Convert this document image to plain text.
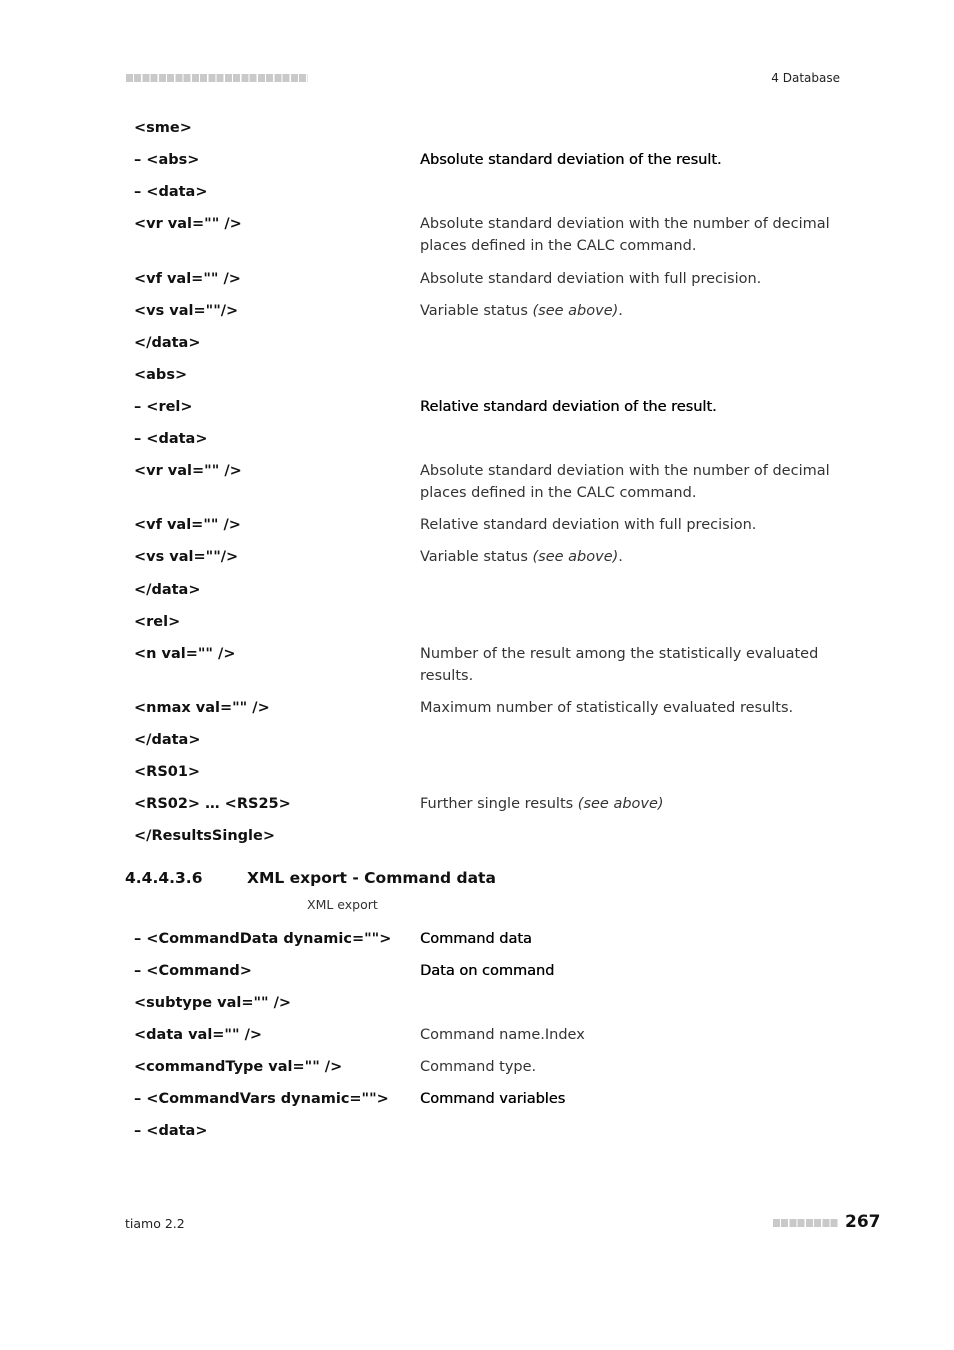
4 Database
<sme>
– <abs>	Absolute standard deviation of the result.
– <data>
<vr val="" />	Absolute standard deviation with the number of decimal places defined in the CALC command.
<vf val="" />	Absolute standard deviation with full precision.
<vs val=""/>	Variable status (see above).
</data>
<abs>
– <rel>	Relative standard deviation of the result.
– <data>
<vr val="" />	Absolute standard deviation with the number of decimal places defined in the CALC command.
<vf val="" />	Relative standard deviation with full precision.
<vs val=""/>	Variable status (see above).
</data>
<rel>
<n val="" />	Number of the result among the statistically evaluated results.
<nmax val="" />	Maximum number of statistically evaluated results.
</data>
<RS01>
<RS02> … <RS25>	Further single results (see above)
</ResultsSingle>
4.4.4.3.6	XML export - Command data
XML export
– <CommandData dynamic=""> Command data
– <Command>	Data on command
<subtype val="" />
<data val="" />	Command name.Index
<commandType val="" />	Command type.
– <CommandVars dynamic=""> Command variables
– <data>
tiamo 2.2	267
